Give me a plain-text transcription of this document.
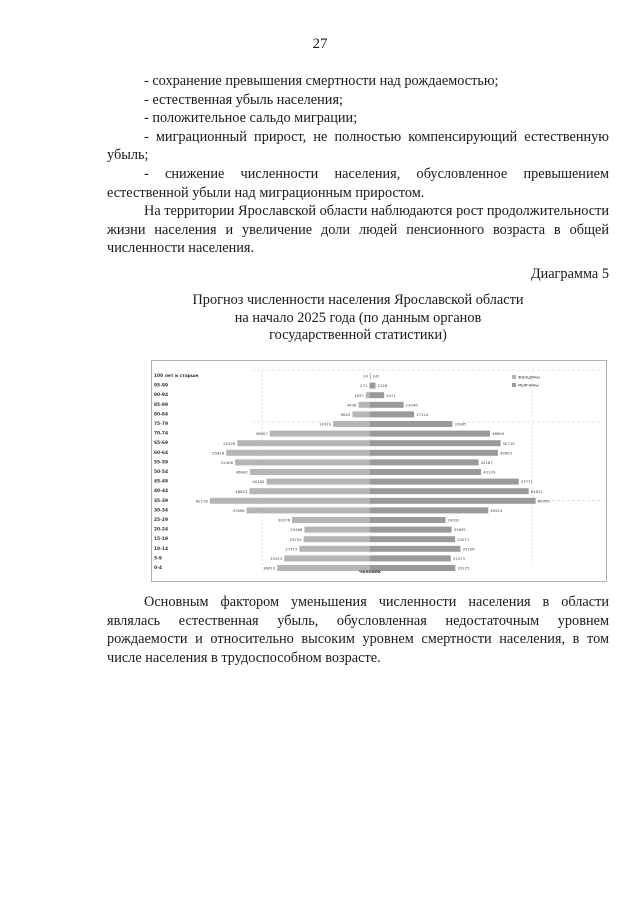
27

- сохранение превышения смертности над рождаемостью;

- естественная убыль населения;

- положительное сальдо миграции;

- миграционный прирост, не полностью компенсирующий естественную убыль;

- снижение численности населения, обусловленное превышением естественной убыли над миграционным приростом.

На территории Ярославской области наблюдаются рост продолжительности жизни населения и увеличение доли людей пенсионного возраста в общей численности населения.

Диаграмма 5
Прогноз численности населения Ярославской области
на начало 2025 года (по данным органов
государственной статистики)
100 лет и старше	24 241
95-99	271	2126
90-94	1637	5471
85-89	4438	13046
80-84	6810	17124
75-79	14319	31965
70-74	38907	46609
65-69	51526	50715
60-64	55818	49653
55-59	52406	42187
50-54	46642	43129
45-49	40184	57771
40-44	46823	61612
35-39	62178	64305
30-34	47898	45914
25-29	30276	29332
20-24	25468	31695
15-19	25755	33071
10-14	27415	35106
5-9	33323	31373
0-4	36013	33125
женщины
мужчины
человек

Основным фактором уменьшения численности населения в области являлась естественная убыль, обусловленная недостаточным уровнем рождаемости и относительно высоким уровнем смертности населения, в том числе населения в трудоспособном возрасте.
